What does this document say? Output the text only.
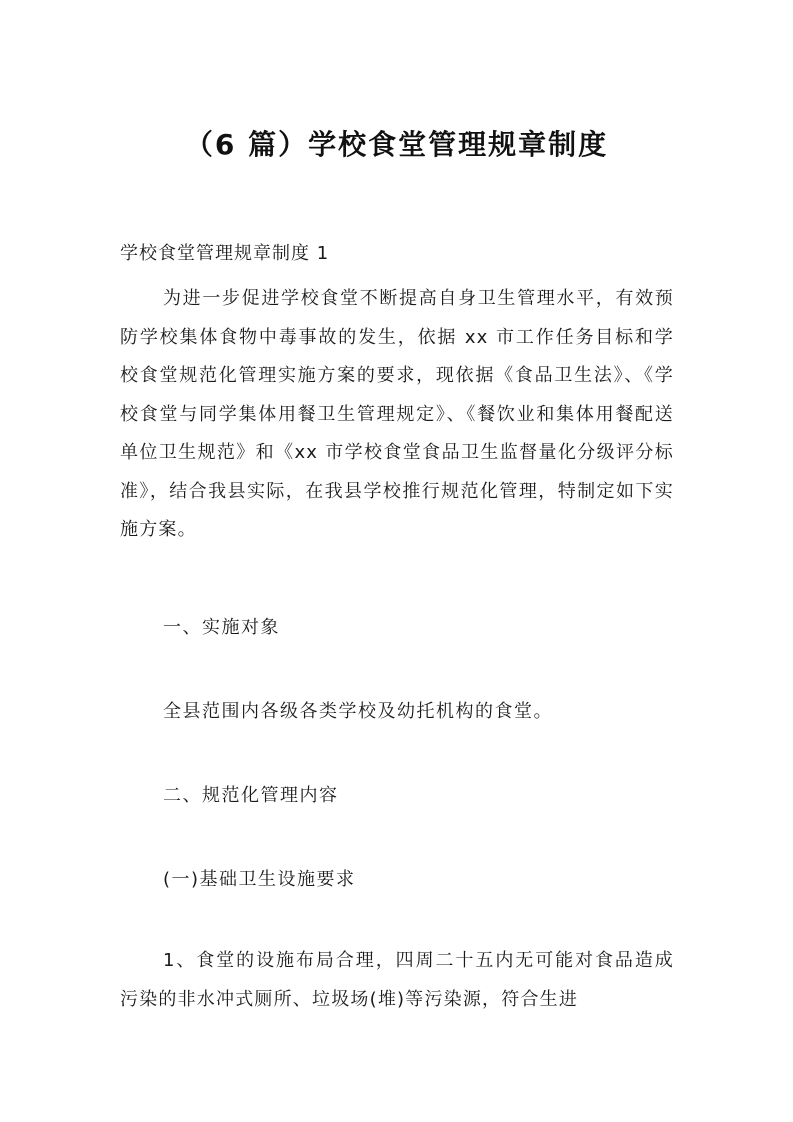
（6 篇）学校食堂管理规章制度
学校食堂管理规章制度 1

为进一步促进学校食堂不断提高自身卫生管理水平，有效预防学校集体食物中毒事故的发生，依据 xx 市工作任务目标和学校食堂规范化管理实施方案的要求，现依据《食品卫生法》、《学校食堂与同学集体用餐卫生管理规定》、《餐饮业和集体用餐配送单位卫生规范》和《xx 市学校食堂食品卫生监督量化分级评分标准》，结合我县实际，在我县学校推行规范化管理，特制定如下实施方案。

一、实施对象
全县范围内各级各类学校及幼托机构的食堂。
二、规范化管理内容
(一)基础卫生设施要求

1、食堂的设施布局合理，四周二十五内无可能对食品造成污染的非水冲式厕所、垃圾场(堆)等污染源，符合生进
